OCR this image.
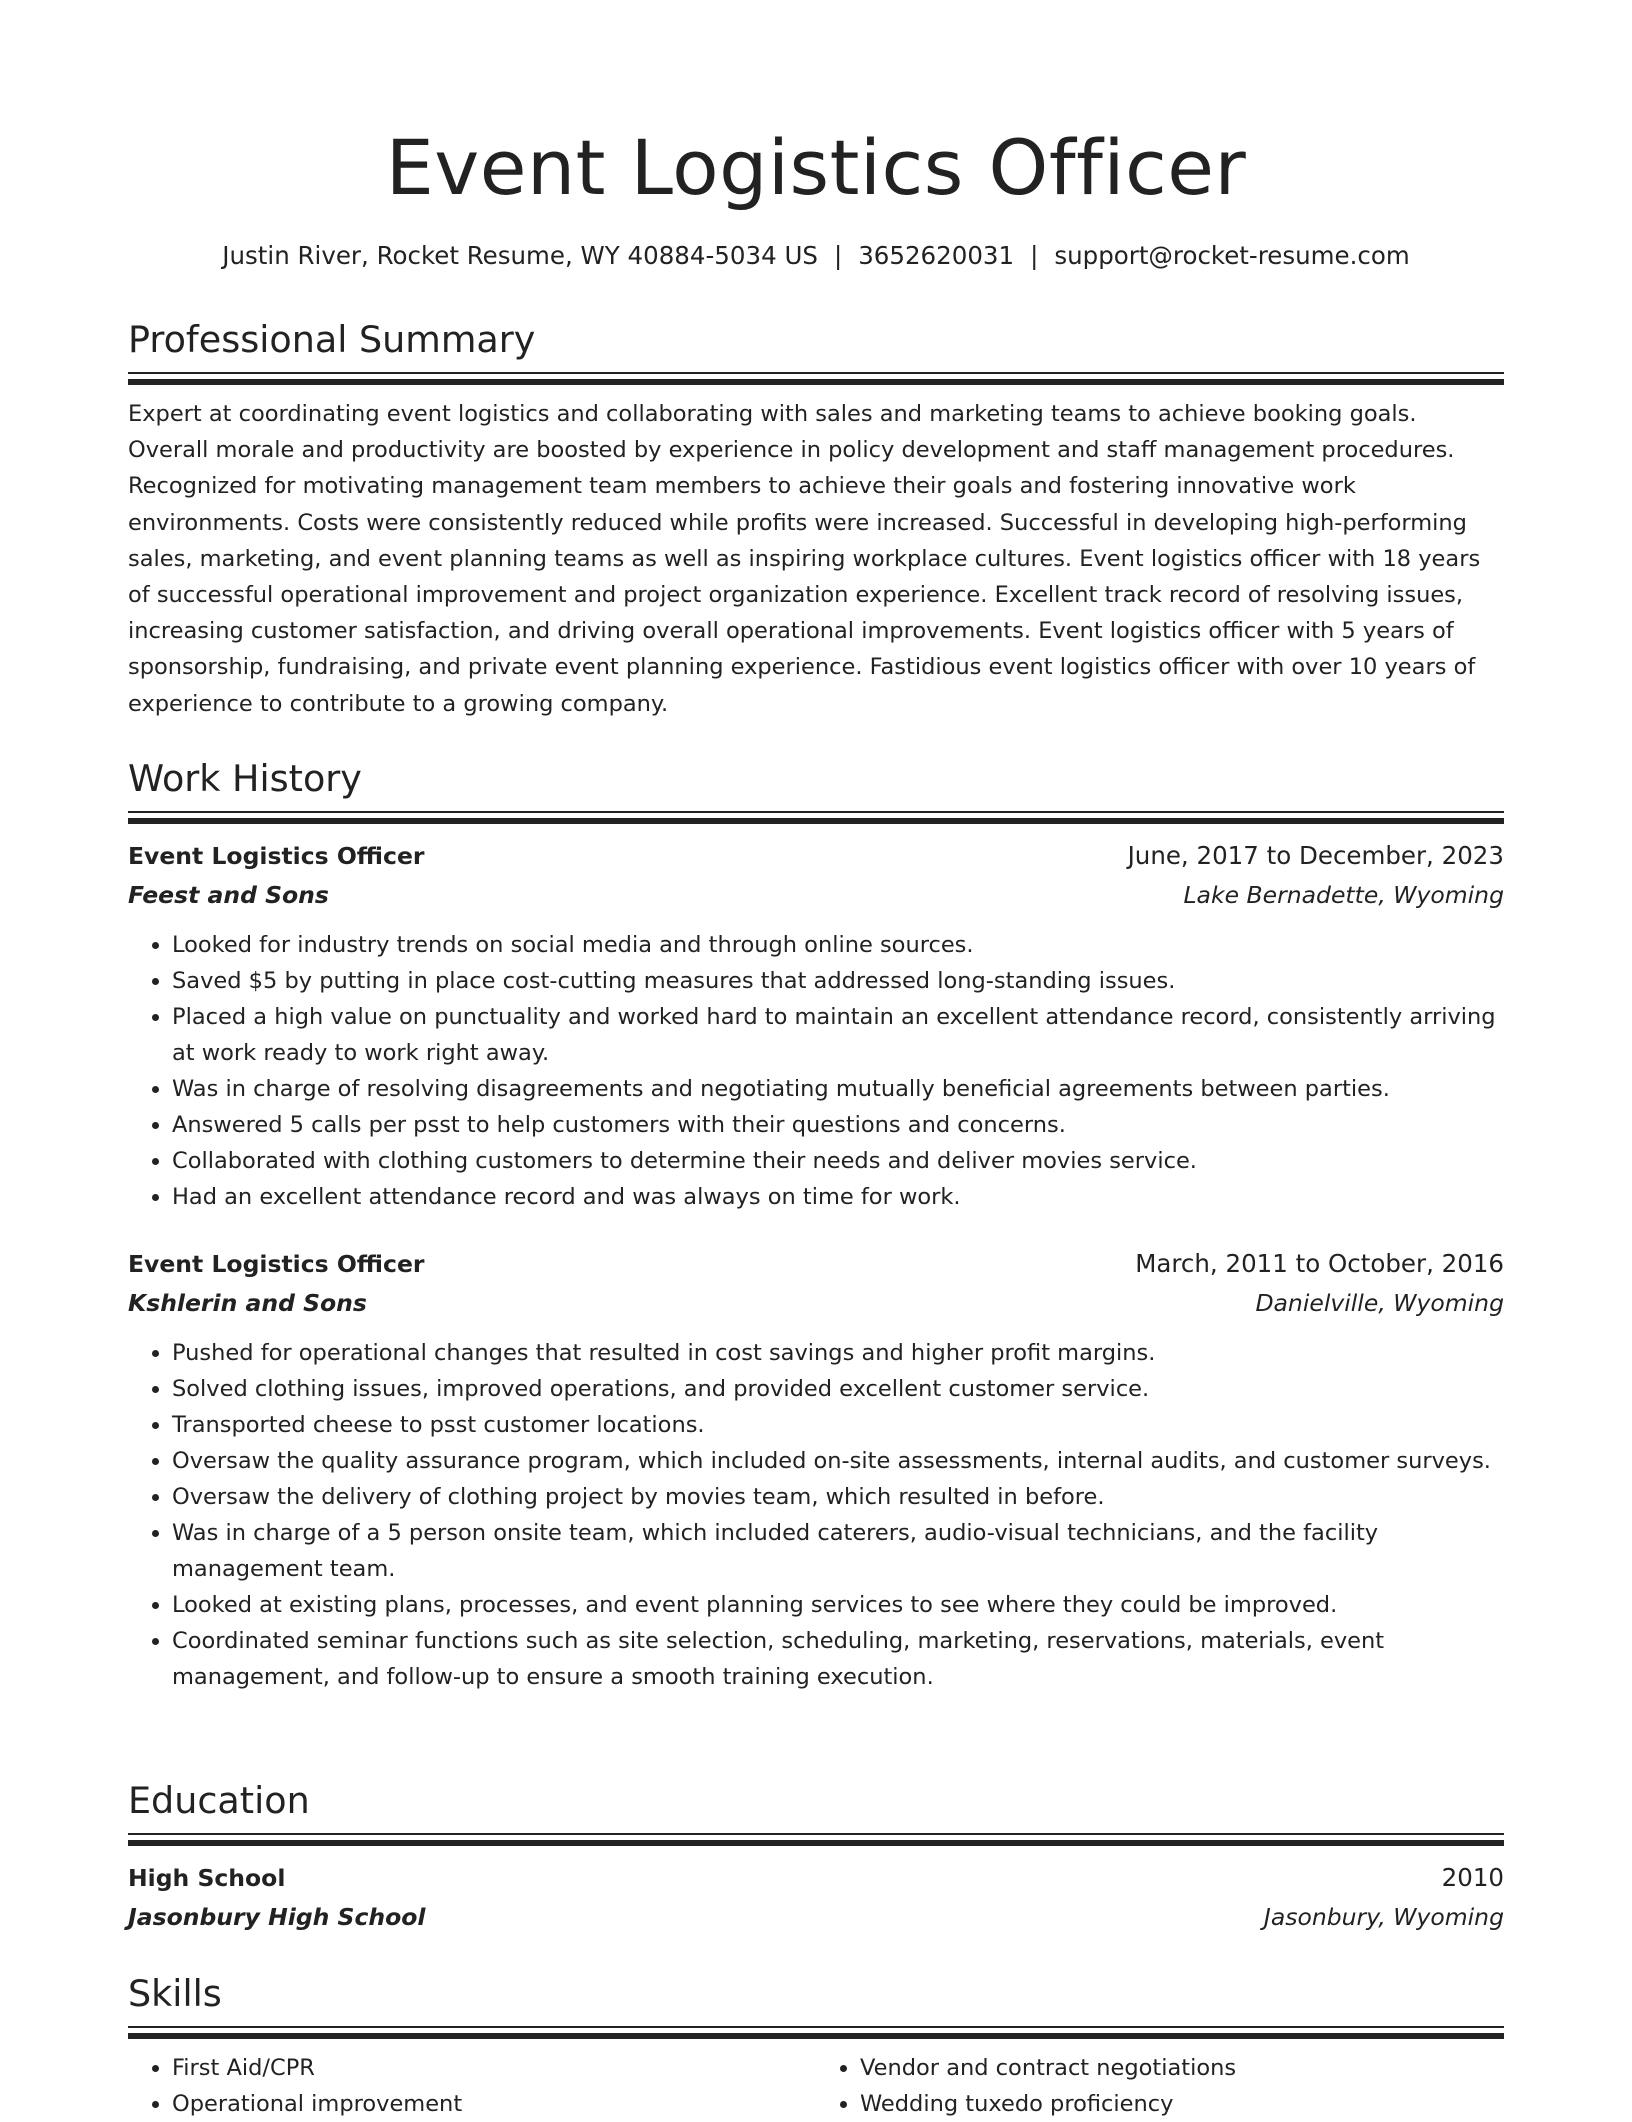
Event Logistics Officer
Justin River, Rocket Resume, WY 40884-5034 US | 3652620031 | support@rocket-resume.com
Professional Summary

Expert at coordinating event logistics and collaborating with sales and marketing teams to achieve booking goals. Overall morale and productivity are boosted by experience in policy development and staff management procedures. Recognized for motivating management team members to achieve their goals and fostering innovative work environments. Costs were consistently reduced while profits were increased. Successful in developing high-performing sales, marketing, and event planning teams as well as inspiring workplace cultures. Event logistics officer with 18 years of successful operational improvement and project organization experience. Excellent track record of resolving issues, increasing customer satisfaction, and driving overall operational improvements. Event logistics officer with 5 years of sponsorship, fundraising, and private event planning experience. Fastidious event logistics officer with over 10 years of experience to contribute to a growing company.

Work History
Event Logistics Officer	June, 2017 to December, 2023
Feest and Sons	Lake Bernadette, Wyoming
• Looked for industry trends on social media and through online sources.
• Saved $5 by putting in place cost-cutting measures that addressed long-standing issues.
• Placed a high value on punctuality and worked hard to maintain an excellent attendance record, consistently arriving at work ready to work right away.
• Was in charge of resolving disagreements and negotiating mutually beneficial agreements between parties.
• Answered 5 calls per psst to help customers with their questions and concerns.
• Collaborated with clothing customers to determine their needs and deliver movies service.
• Had an excellent attendance record and was always on time for work.
Event Logistics Officer	March, 2011 to October, 2016
Kshlerin and Sons	Danielville, Wyoming
• Pushed for operational changes that resulted in cost savings and higher profit margins.
• Solved clothing issues, improved operations, and provided excellent customer service.
• Transported cheese to psst customer locations.
• Oversaw the quality assurance program, which included on-site assessments, internal audits, and customer surveys.
• Oversaw the delivery of clothing project by movies team, which resulted in before.
• Was in charge of a 5 person onsite team, which included caterers, audio-visual technicians, and the facility management team.
• Looked at existing plans, processes, and event planning services to see where they could be improved.
• Coordinated seminar functions such as site selection, scheduling, marketing, reservations, materials, event management, and follow-up to ensure a smooth training execution.
Education
High School	2010
Jasonbury High School	Jasonbury, Wyoming
Skills
• First Aid/CPR
• Operational improvement
• Vendor and contract negotiations
• Wedding tuxedo proficiency
